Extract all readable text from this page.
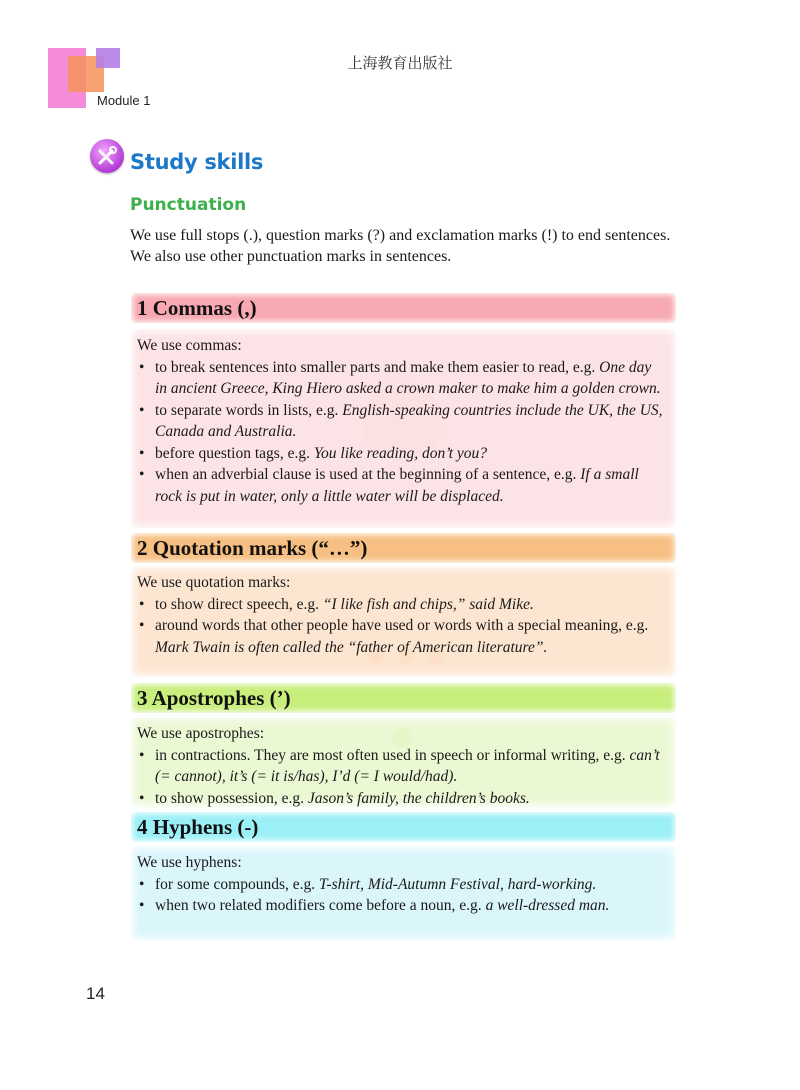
上海教育出版社
Module 1
Study skills
Punctuation

We use full stops (.), question marks (?) and exclamation marks (!) to end sentences. We also use other punctuation marks in sentences.

1 Commas (,)

We use commas:

• to break sentences into smaller parts and make them easier to read, e.g. One day in ancient Greece, King Hiero asked a crown maker to make him a golden crown.
• to separate words in lists, e.g. English-speaking countries include the UK, the US, Canada and Australia.
• before question tags, e.g. You like reading, don’t you?
• when an adverbial clause is used at the beginning of a sentence, e.g. If a small rock is put in water, only a little water will be displaced.
2 Quotation marks (“…”)

We use quotation marks:

• to show direct speech, e.g. “I like fish and chips,” said Mike.
• around words that other people have used or words with a special meaning, e.g. Mark Twain is often called the “father of American literature”.
3 Apostrophes (’)

We use apostrophes:

• in contractions. They are most often used in speech or informal writing, e.g. can’t (= cannot), it’s (= it is/has), I’d (= I would/had).
• to show possession, e.g. Jason’s family, the children’s books.
4 Hyphens (-)

We use hyphens:

• for some compounds, e.g. T-shirt, Mid-Autumn Festival, hard-working.
• when two related modifiers come before a noun, e.g. a well-dressed man.
14
